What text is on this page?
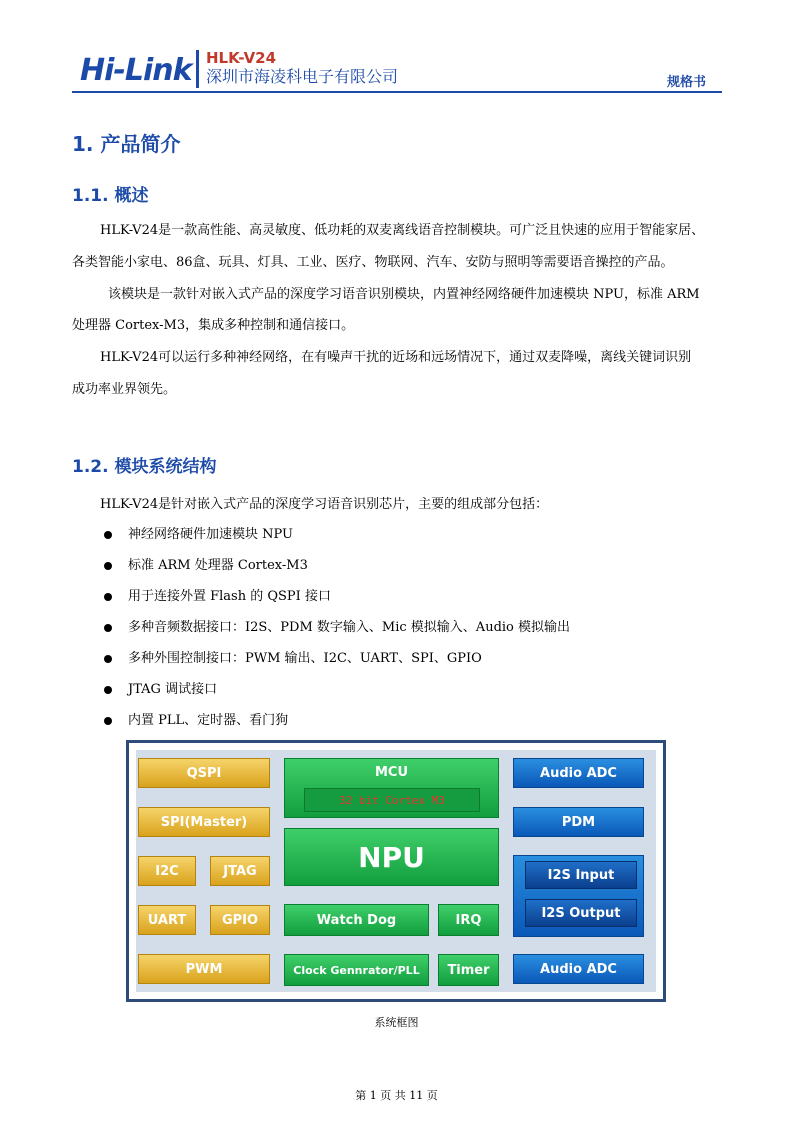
Hi-Link HLK-V24
深圳市海凌科电子有限公司	规格书
1. 产品简介
1.1. 概述
HLK-V24是一款高性能、高灵敏度、低功耗的双麦离线语音控制模块。可广泛且快速的应用于智能家居、
各类智能小家电、86盒、玩具、灯具、工业、医疗、物联网、汽车、安防与照明等需要语音操控的产品。
该模块是一款针对嵌入式产品的深度学习语音识别模块，内置神经网络硬件加速模块 NPU，标准 ARM
处理器 Cortex-M3，集成多种控制和通信接口。
HLK-V24可以运行多种神经网络，在有噪声干扰的近场和远场情况下，通过双麦降噪，离线关键词识别
成功率业界领先。
1.2. 模块系统结构
HLK-V24是针对嵌入式产品的深度学习语音识别芯片，主要的组成部分包括：
神经网络硬件加速模块 NPU
标准 ARM 处理器 Cortex-M3
用于连接外置 Flash 的 QSPI 接口
多种音频数据接口：I2S、PDM 数字输入、Mic 模拟输入、Audio 模拟输出
多种外围控制接口：PWM 输出、I2C、UART、SPI、GPIO
JTAG 调试接口
内置 PLL、定时器、看门狗
QSPI
SPI(Master)
I2C	JTAG
UART	GPIO
PWM
MCU
32 bit Cortex M3
NPU
Watch Dog	IRQ
Clock Gennrator/PLL	Timer
Audio ADC
PDM
I2S Input
I2S Output
Audio ADC
系统框图
第 1 页 共 11 页
